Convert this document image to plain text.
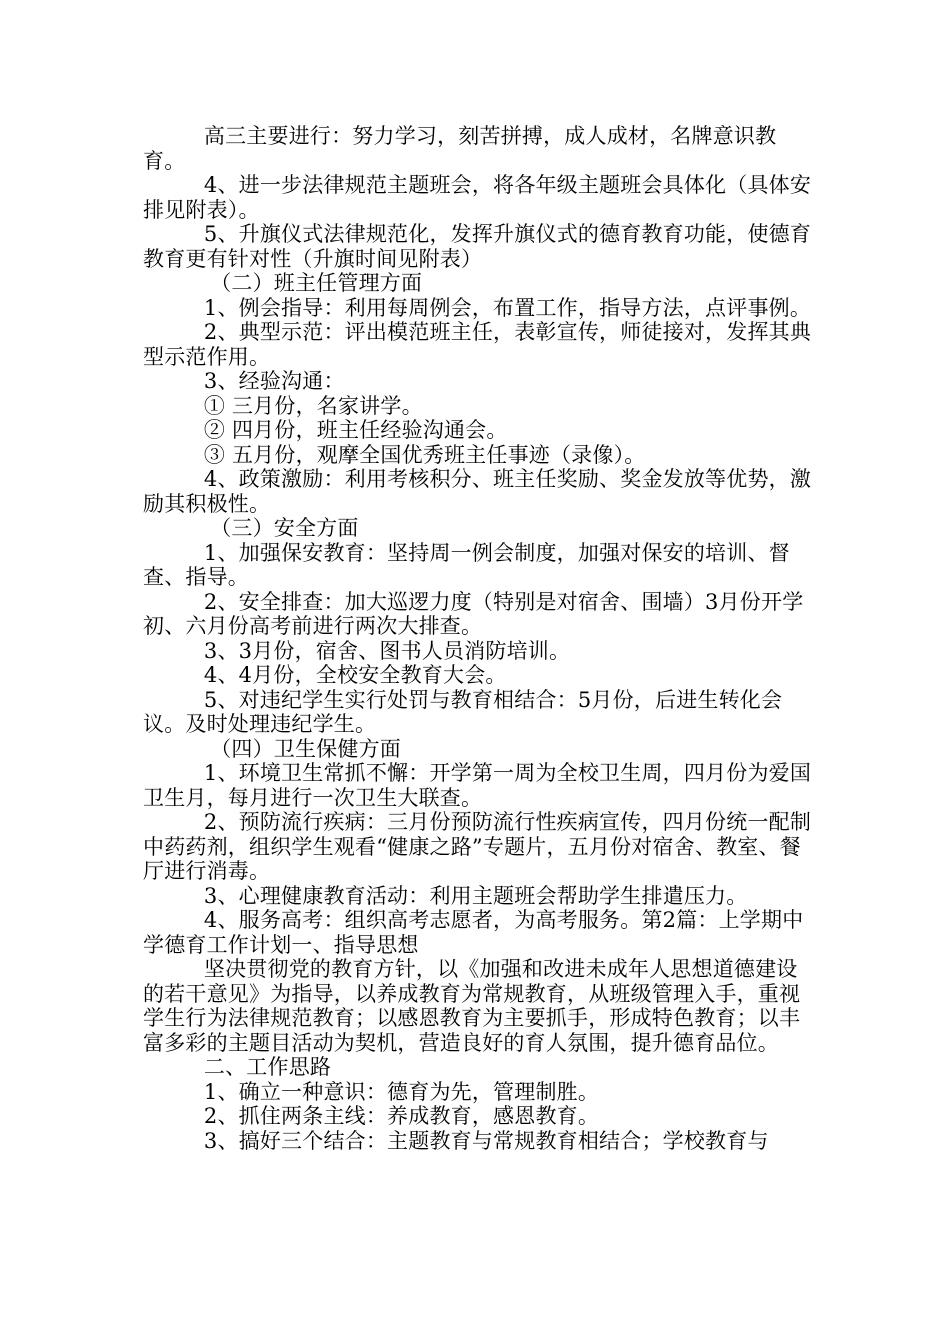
高三主要进行：努力学习，刻苦拼搏，成人成材，名牌意识教育。

4、进一步法律规范主题班会，将各年级主题班会具体化（具体安排见附表）。

5、升旗仪式法律规范化，发挥升旗仪式的德育教育功能，使德育教育更有针对性（升旗时间见附表）

（二）班主任管理方面

1、例会指导：利用每周例会，布置工作，指导方法，点评事例。

2、典型示范：评出模范班主任，表彰宣传，师徒接对，发挥其典型示范作用。

3、经验沟通：

① 三月份，名家讲学。

② 四月份，班主任经验沟通会。

③ 五月份，观摩全国优秀班主任事迹（录像）。

4、政策激励：利用考核积分、班主任奖励、奖金发放等优势，激励其积极性。

（三）安全方面

1、加强保安教育：坚持周一例会制度，加强对保安的培训、督查、指导。

2、安全排查：加大巡逻力度（特别是对宿舍、围墙）3月份开学初、六月份高考前进行两次大排查。

3、3月份，宿舍、图书人员消防培训。

4、4月份，全校安全教育大会。

5、对违纪学生实行处罚与教育相结合：5月份，后进生转化会议。及时处理违纪学生。

（四）卫生保健方面

1、环境卫生常抓不懈：开学第一周为全校卫生周，四月份为爱国卫生月，每月进行一次卫生大联查。

2、预防流行疾病：三月份预防流行性疾病宣传，四月份统一配制中药药剂，组织学生观看“健康之路”专题片，五月份对宿舍、教室、餐厅进行消毒。

3、心理健康教育活动：利用主题班会帮助学生排遣压力。

4、服务高考：组织高考志愿者，为高考服务。第2篇：上学期中学德育工作计划一、指导思想

坚决贯彻党的教育方针，以《加强和改进未成年人思想道德建设的若干意见》为指导，以养成教育为常规教育，从班级管理入手，重视学生行为法律规范教育；以感恩教育为主要抓手，形成特色教育；以丰富多彩的主题目活动为契机，营造良好的育人氛围，提升德育品位。

二、工作思路

1、确立一种意识：德育为先，管理制胜。

2、抓住两条主线：养成教育，感恩教育。

3、搞好三个结合：主题教育与常规教育相结合；学校教育与
